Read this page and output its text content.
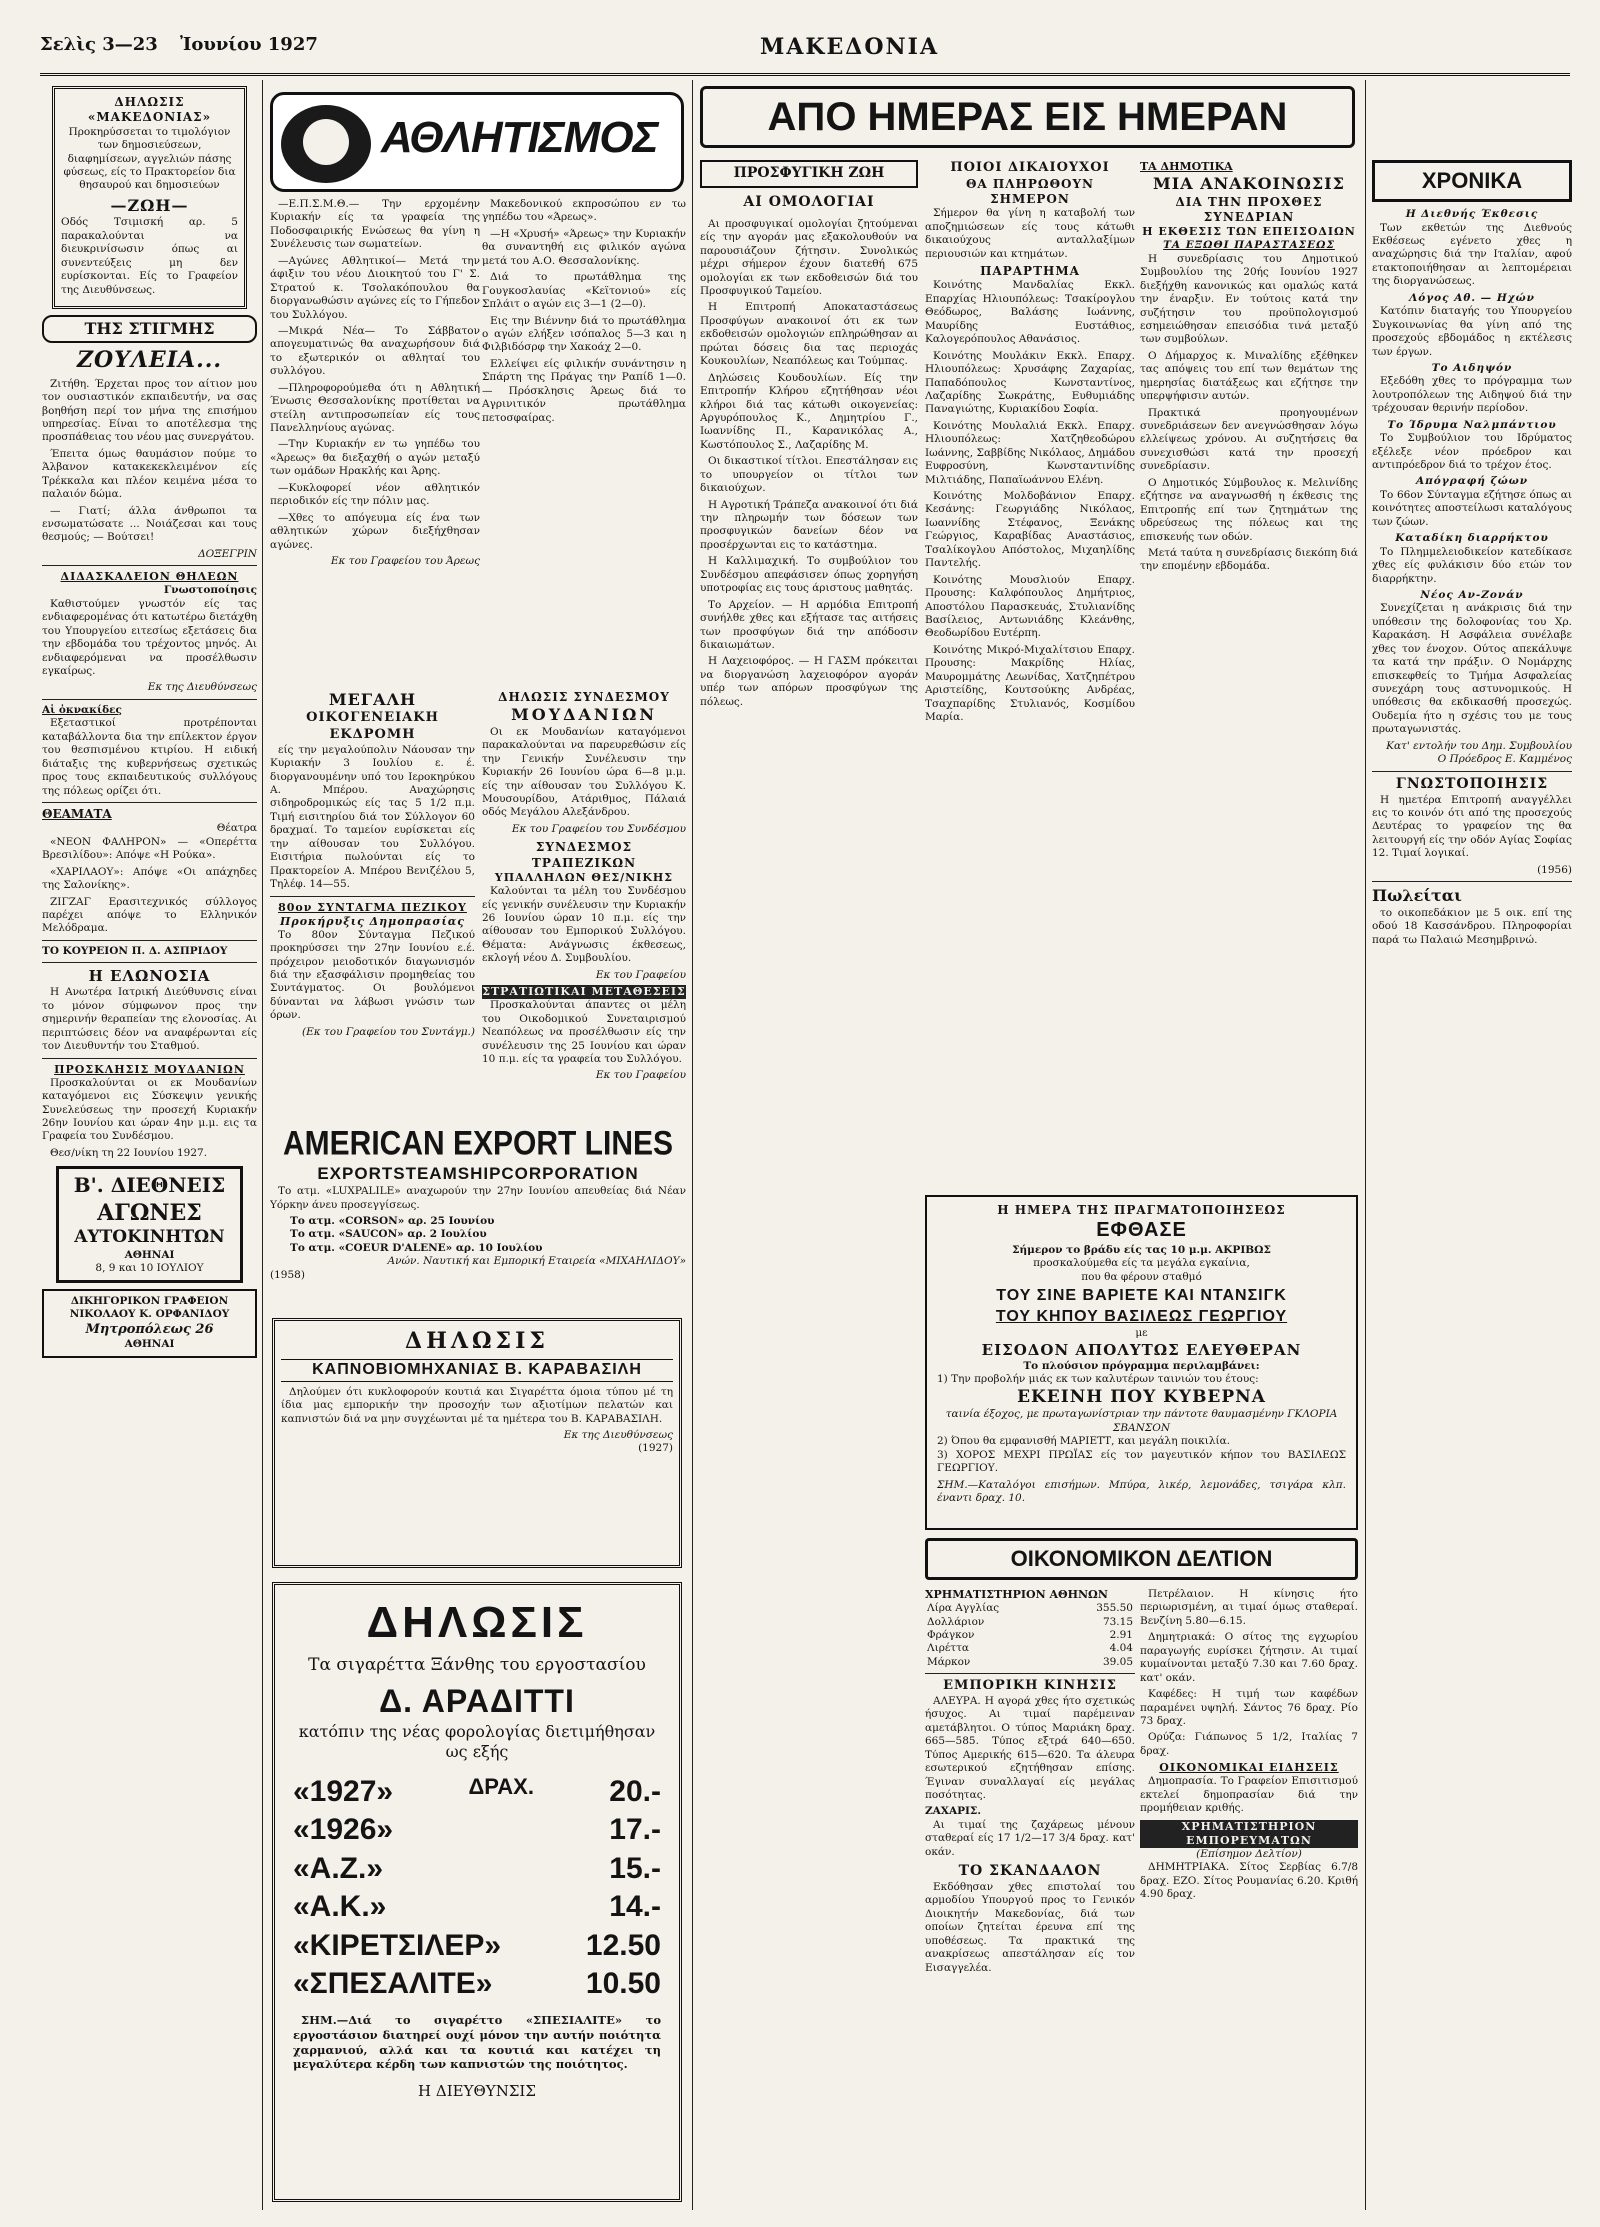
Σελὶς 3—23 Ἰουνίου 1927	ΜΑΚΕΔΟΝΙΑ
ΔΗΛΩΣΙΣ «ΜΑΚΕΔΟΝΙΑΣ»

Προκηρύσσεται το τιμολόγιον των δημοσιεύσεων, διαφημίσεων, αγγελιών πάσης φύσεως, είς το Πρακτορείον δια θησαυρού και δημοσιεύων

—ΖΩΗ—

Οδός Τσιμισκή αρ. 5 παρακαλούνται να διευκρινίσωσιν όπως αι συνεντεύξεις μη δεν ευρίσκονται. Είς το Γραφείον της Διευθύνσεως.

ΤΗΣ ΣΤΙΓΜΗΣ
ΖΟΥΛΕΙΑ...

Ζιτήθη. Έρχεται προς τον αίτιον μου τον ουσιαστικόν εκπαιδευτήν, να σας βοηθήση περί τον μήνα της επισήμου υπηρεσίας. Είναι το αποτέλεσμα της προσπάθειας του νέου μας συνεργάτου.

Έπειτα όμως θαυμάσιον πούμε το Άλβανον κατακεκεκλειμένον είς Τρέκκαλα και πλέον κειμένα μέσα το παλαιόν δώμα.

— Γιατί; άλλα άνθρωποι τα ενσωματώσατε ... Νοιάζεσαι και τους θεσμούς; — Βούτσει!

ΔΟΞΕΓΡΙΝ
ΔΙΔΑΣΚΑΛΕΙΟΝ ΘΗΛΕΩΝ
Γνωστοποίησις

Καθιστούμεν γνωστόν είς τας ενδιαφερομένας ότι κατωτέρω διετάχθη του Υπουργείου ειτεσίως εξετάσεις δια την εβδομάδα του τρέχοντος μηνός. Αι ενδιαφερόμεναι να προσέλθωσιν εγκαίρως.

Εκ της Διευθύνσεως
Αἱ ὀκνακίδες

Εξεταστικοί προτρέπονται καταβάλλοντα δια την επίλεκτον έργον του θεσπισμένου κτιρίου. Η ειδική διάταξις της κυβερνήσεως σχετικώς προς τους εκπαιδευτικούς συλλόγους της πόλεως ορίζει ότι.

ΘΕΑΜΑΤΑ
Θέατρα

«ΝΕΟΝ ΦΑΛΗΡΟΝ» — «Οπερέττα Βρεσιλίδου»: Απόψε «Η Ρούκα».

«ΧΑΡΙΛΑΟΥ»: Απόψε «Οι απάχηδες της Σαλονίκης».

ΖΙΓΖΑΓ Ερασιτεχνικός σύλλογος παρέχει απόψε το Ελληνικόν Μελόδραμα.

ΤΟ ΚΟΥΡΕΙΟΝ Π. Δ. ΑΣΠΡΙΔΟΥ
Η ΕΛΩΝΟΣΙΑ

Η Ανωτέρα Ιατρική Διεύθυνσις είναι το μόνον σύμφωνον προς την σημερινήν θεραπείαν της ελονοσίας. Αι περιπτώσεις δέον να αναφέρωνται είς τον Διευθυντήν του Σταθμού.

ΠΡΟΣΚΛΗΣΙΣ ΜΟΥΔΑΝΙΩΝ

Προσκαλούνται οι εκ Μουδανίων καταγόμενοι εις Σύσκεψιν γενικής Συνελεύσεως την προσεχή Κυριακήν 26ην Ιουνίου και ώραν 4ην μ.μ. εις τα Γραφεία του Συνδέσμου.

Θεσ/νίκη τη 22 Ιουνίου 1927.

Β'. ΔΙΕΘΝΕΙΣ
ΑΓΩΝΕΣ
ΑΥΤΟΚΙΝΗΤΩΝ
ΑΘΗΝΑΙ
8, 9 και 10 ΙΟΥΛΙΟΥ
ΔΙΚΗΓΟΡΙΚΟΝ ΓΡΑΦΕΙΟΝ
ΝΙΚΟΛΑΟΥ Κ. ΟΡΦΑΝΙΔΟΥ
Μητροπόλεως 26
ΑΘΗΝΑΙ
ΑΘΛΗΤΙΣΜΟΣ

—Ε.Π.Σ.Μ.Θ.— Την ερχομένην Κυριακήν είς τα γραφεία της Ποδοσφαιρικής Ενώσεως θα γίνη η Συνέλευσις των σωματείων.

—Αγώνες Αθλητικοί— Μετά την άφιξιν του νέου Διοικητού του Γ' Σ. Στρατού κ. Τσολακόπουλου θα διοργανωθώσιν αγώνες είς το Γήπεδον του Συλλόγου.

—Μικρά Νέα— Το Σάββατον απογευματινώς θα αναχωρήσουν διά το εξωτερικόν οι αθληταί του συλλόγου.

—Πληροφορούμεθα ότι η Αθλητική Ένωσις Θεσσαλονίκης προτίθεται να στείλη αντιπροσωπείαν είς τους Πανελληνίους αγώνας.

—Την Κυριακήν εν τω γηπέδω του «Άρεως» θα διεξαχθή ο αγών μεταξύ των ομάδων Ηρακλής και Άρης.

—Κυκλοφορεί νέον αθλητικόν περιοδικόν είς την πόλιν μας.

—Χθες το απόγευμα είς ένα των αθλητικών χώρων διεξήχθησαν αγώνες.

Εκ του Γραφείου του Άρεως

Μακεδονικού εκπροσώπου εν τω γηπέδω του «Άρεως».

—Η «Χρυσή» «Άρεως» την Κυριακήν θα συναντηθή εις φιλικόν αγώνα μετά του Α.Ο. Θεσσαλονίκης.

Διά το πρωτάθλημα της Γουγκοσλαυίας «Κεϊτονιού» είς Σπλάιτ ο αγών εις 3—1 (2—0).

Εις την Βιέννην διά το πρωτάθλημα ο αγών ελήξεν ισόπαλος 5—3 και η Φιλβιδόσρφ την Χακοάχ 2—0.

Ελλείψει είς φιλικήν συνάντησιν η Σπάρτη της Πράγας την Ραπίδ 1—0. — Πρόσκλησις Άρεως διά το Αγρινιτικόν πρωτάθλημα πετοσφαίρας.

ΜΕΓΑΛΗ
ΟΙΚΟΓΕΝΕΙΑΚΗ ΕΚΔΡΟΜΗ

είς την μεγαλούπολιν Νάουσαν την Κυριακήν 3 Ιουλίου ε. έ. διοργανουμένην υπό του Ιεροκηρύκου Α. Μπέρου. Αναχώρησις σιδηροδρομικώς είς τας 5 1/2 π.μ. Τιμή εισιτηρίου διά τον Σύλλογον 60 δραχμαί. Το ταμείον ευρίσκεται είς την αίθουσαν του Συλλόγου. Εισιτήρια πωλούνται είς το Πρακτορείον Α. Μπέρου Βενιζέλου 5, Τηλέφ. 14—55.

80ον ΣΥΝΤΑΓΜΑ ΠΕΖΙΚΟΥ
Προκήρυξις Δημοπρασίας

Το 80ον Σύνταγμα Πεζικού προκηρύσσει την 27ην Ιουνίου ε.έ. πρόχειρον μειοδοτικόν διαγωνισμόν διά την εξασφάλισιν προμηθείας του Συντάγματος. Οι βουλόμενοι δύνανται να λάβωσι γνώσιν των όρων.

(Εκ του Γραφείου του Συντάγμ.)
ΔΗΛΩΣΙΣ ΣΥΝΔΕΣΜΟΥ
ΜΟΥΔΑΝΙΩΝ

Οι εκ Μουδανίων καταγόμενοι παρακαλούνται να παρευρεθώσιν είς την Γενικήν Συνέλευσιν την Κυριακήν 26 Ιουνίου ώρα 6—8 μ.μ. είς την αίθουσαν του Συλλόγου Κ. Μουσουρίδου, Ατάριθμος, Πάλαιά οδός Μεγάλου Αλεξάνδρου.

Εκ του Γραφείου του Συνδέσμου
ΣΥΝΔΕΣΜΟΣ ΤΡΑΠΕΖΙΚΩΝ
ΥΠΑΛΛΗΛΩΝ ΘΕΣ/ΝΙΚΗΣ

Καλούνται τα μέλη του Συνδέσμου είς γενικήν συνέλευσιν την Κυριακήν 26 Ιουνίου ώραν 10 π.μ. είς την αίθουσαν του Εμπορικού Συλλόγου. Θέματα: Ανάγνωσις έκθεσεως, εκλογή νέου Δ. Συμβουλίου.

Εκ του Γραφείου
ΣΤΡΑΤΙΩΤΙΚΑΙ ΜΕΤΑΘΕΣΕΙΣ

Προσκαλούνται άπαντες οι μέλη του Οικοδομικού Συνεταιρισμού Νεαπόλεως να προσέλθωσιν είς την συνέλευσιν της 25 Ιουνίου και ώραν 10 π.μ. είς τα γραφεία του Συλλόγου.

Εκ του Γραφείου
AMERICAN EXPORT LINES
EXPORTSTEAMSHIPCORPORATION

Το ατμ. «LUXPALILE» αναχωρούν την 27ην Ιουνίου απευθείας διά Νέαν Υόρκην άνευ προσεγγίσεως.

Το ατμ. «CORSON» αρ. 25 Ιουνίου
Το ατμ. «SAUCON» αρ. 2 Ιουλίου
Το ατμ. «COEUR D'ALENE» αρ. 10 Ιουλίου
Ανών. Ναυτική και Εμπορική Εταιρεία «ΜΙΧΑΗΛΙΔΟΥ»
(1958)
ΔΗΛΩΣΙΣ
ΚΑΠΝΟΒΙΟΜΗΧΑΝΙΑΣ Β. ΚΑΡΑΒΑΣΙΛΗ

Δηλούμεν ότι κυκλοφορούν κουτιά και Σιγαρέττα όμοια τύπου μέ τη ίδια μας εμπορικήν την προσοχήν των αξιοτίμων πελατών και καπνιστών διά να μην συγχέωνται μέ τα ημέτερα του Β. ΚΑΡΑΒΑΣΙΛΗ.

Εκ της Διευθύνσεως
(1927)
ΔΗΛΩΣΙΣ
Τα σιγαρέττα Ξάνθης του εργοστασίου
Δ. ΑΡΑΔΙΤΤΙ
κατόπιν της νέας φορολογίας διετιμήθησαν ως εξής
«1927»	ΔΡΑΧ.	20.-
«1926»	17.-
«Α.Ζ.»	15.-
«Α.Κ.»	14.-
«ΚΙΡΕΤΣΙΛΕΡ»	12.50
«ΣΠΕΣΑΛΙΤΕ»	10.50

ΣΗΜ.—Διά το σιγαρέττο «ΣΠΕΣΙΑΛΙΤΕ» το εργοστάσιον διατηρεί ουχί μόνον την αυτήν ποιότητα χαρμανιού, αλλά και τα κουτιά και κατέχει τη μεγαλύτερα κέρδη των καπνιστών της ποιότητος.

Η ΔΙΕΥΘΥΝΣΙΣ
ΑΠΟ ΗΜΕΡΑΣ ΕΙΣ ΗΜΕΡΑΝ
ΠΡΟΣΦΥΓΙΚΗ ΖΩΗ
ΑΙ ΟΜΟΛΟΓΙΑΙ

Αι προσφυγικαί ομολογίαι ζητούμεναι είς την αγοράν μας εξακολουθούν να παρουσιάζουν ζήτησιν. Συνολικώς μέχρι σήμερον έχουν διατεθή 675 ομολογίαι εκ των εκδοθεισών διά του Προσφυγικού Ταμείου.

Η Επιτροπή Αποκαταστάσεως Προσφύγων ανακοινοί ότι εκ των εκδοθεισών ομολογιών επληρώθησαν αι πρώται δόσεις δια τας περιοχάς Κουκουλίων, Νεαπόλεως και Τούμπας.

Δηλώσεις Κουδουλίων. Είς την Επιτροπήν Κλήρου εζητήθησαν νέοι κλήροι διά τας κάτωθι οικογενείας: Αργυρόπουλος Κ., Δημητρίου Γ., Ιωαννίδης Π., Καρανικόλας Α., Κωστόπουλος Σ., Λαζαρίδης Μ.

Οι δικαστικοί τίτλοι. Επεστάλησαν εις το υπουργείον οι τίτλοι των δικαιούχων.

Η Αγροτική Τράπεζα ανακοινοί ότι διά την πληρωμήν των δόσεων των προσφυγικών δανείων δέον να προσέρχωνται εις το κατάστημα.

Η Καλλιμαχική. Το συμβούλιον του Συνδέσμου απεφάσισεν όπως χορηγήση υποτροφίας εις τους άριστους μαθητάς.

Το Αρχείον. — Η αρμόδια Επιτροπή συνήλθε χθες και εξήτασε τας αιτήσεις των προσφύγων διά την απόδοσιν δικαιωμάτων.

Η Λαχειοφόρος. — Η ΓΑΣΜ πρόκειται να διοργανώση λαχειοφόρον αγοράν υπέρ των απόρων προσφύγων της πόλεως.

ΠΟΙΟΙ ΔΙΚΑΙΟΥΧΟΙ
ΘΑ ΠΛΗΡΩΘΟΥΝ ΣΗΜΕΡΟΝ

Σήμερον θα γίνη η καταβολή των αποζημιώσεων είς τους κάτωθι δικαιούχους ανταλλαξίμων περιουσιών και κτημάτων.

ΠΑΡΑΡΤΗΜΑ

Κοινότης Μανδαλίας Εκκλ. Επαρχίας Ηλιουπόλεως: Τσακίρογλου Θεόδωρος, Βαλάσης Ιωάννης, Μαυρίδης Ευστάθιος, Καλογερόπουλος Αθανάσιος.

Κοινότης Μουλάκιν Εκκλ. Επαρχ. Ηλιουπόλεως: Χρυσάφης Ζαχαρίας, Παπαδόπουλος Κωνσταντίνος, Λαζαρίδης Σωκράτης, Ευθυμιάδης Παναγιώτης, Κυριακίδου Σοφία.

Κοινότης Μουλαλιά Εκκλ. Επαρχ. Ηλιουπόλεως: Χατζηθεοδώρου Ιωάννης, Σαββίδης Νικόλαος, Δημάδου Ευφροσύνη, Κωνσταντινίδης Μιλτιάδης, Παπαϊωάννου Ελένη.

Κοινότης Μολδοβάνιον Επαρχ. Κεσάνης: Γεωργιάδης Νικόλαος, Ιωαννίδης Στέφανος, Ξενάκης Γεώργιος, Καραβίδας Αναστάσιος, Τσαλίκογλου Απόστολος, Μιχαηλίδης Παντελής.

Κοινότης Μουσλιούν Επαρχ. Προυσης: Καλφόπουλος Δημήτριος, Αποστόλου Παρασκευάς, Στυλιανίδης Βασίλειος, Αντωνιάδης Κλεάνθης, Θεοδωρίδου Ευτέρπη.

Κοινότης Μικρό-Μιχαλίτσιου Επαρχ. Προυσης: Μακρίδης Ηλίας, Μαυρομμάτης Λεωνίδας, Χατζηπέτρου Αριστείδης, Κουτσούκης Ανδρέας, Τσαχπαρίδης Στυλιανός, Κοσμίδου Μαρία.

ΤΑ ΔΗΜΟΤΙΚΑ
ΜΙΑ ΑΝΑΚΟΙΝΩΣΙΣ
ΔΙΑ ΤΗΝ ΠΡΟΧΘΕΣ ΣΥΝΕΔΡΙΑΝ
Η ΕΚΘΕΣΙΣ ΤΩΝ ΕΠΕΙΣΟΔΙΩΝ
ΤΑ ΕΞΩΘΙ ΠΑΡΑΣΤΑΣΕΩΣ

Η συνεδρίασις του Δημοτικού Συμβουλίου της 20ής Ιουνίου 1927 διεξήχθη κανονικώς και ομαλώς κατά την έναρξιν. Εν τούτοις κατά την συζήτησιν του προϋπολογισμού εσημειώθησαν επεισόδια τινά μεταξύ των συμβούλων.

Ο Δήμαρχος κ. Μιναλίδης εξέθηκεν τας απόψεις του επί των θεμάτων της ημερησίας διατάξεως και εζήτησε την υπερψήφισιν αυτών.

Πρακτικά προηγουμένων συνεδριάσεων δεν ανεγνώσθησαν λόγω ελλείψεως χρόνου. Αι συζητήσεις θα συνεχισθώσι κατά την προσεχή συνεδρίασιν.

Ο Δημοτικός Σύμβουλος κ. Μελινίδης εζήτησε να αναγνωσθή η έκθεσις της Επιτροπής επί των ζητημάτων της υδρεύσεως της πόλεως και της επισκευής των οδών.

Μετά ταύτα η συνεδρίασις διεκόπη διά την επομένην εβδομάδα.

Η ΗΜΕΡΑ ΤΗΣ ΠΡΑΓΜΑΤΟΠΟΙΗΣΕΩΣ
ΕΦΘΑΣΕ
Σήμερον το βράδυ είς τας 10 μ.μ. ΑΚΡΙΒΩΣ
προσκαλούμεθα είς τα μεγάλα εγκαίνια,
που θα φέρουν σταθμό
ΤΟΥ ΣΙΝΕ ΒΑΡΙΕΤΕ ΚΑΙ ΝΤΑΝΣΙΓΚ
ΤΟΥ ΚΗΠΟΥ ΒΑΣΙΛΕΩΣ ΓΕΩΡΓΙΟΥ
με
ΕΙΣΟΔΟΝ ΑΠΟΛΥΤΩΣ ΕΛΕΥΘΕΡΑΝ
Το πλούσιον πρόγραμμα περιλαμβάνει:
1) Την προβολήν μιάς εκ των καλυτέρων ταινιών του έτους:
ΕΚΕΙΝΗ ΠΟΥ ΚΥΒΕΡΝΑ
ταινία έξοχος, με πρωταγωνίστριαν την πάντοτε θαυμασμένην ΓΚΛΟΡΙΑ ΣΒΑΝΣΟΝ
2) Όπου θα εμφανισθή ΜΑΡΙΕΤΤ, και μεγάλη ποικιλία.
3) ΧΟΡΟΣ ΜΕΧΡΙ ΠΡΩΪΑΣ είς τον μαγευτικόν κήπον του ΒΑΣΙΛΕΩΣ ΓΕΩΡΓΙΟΥ.
ΣΗΜ.—Καταλόγοι επισήμων. Μπύρα, λικέρ, λεμονάδες, τσιγάρα κλπ. έναντι δραχ. 10.
ΟΙΚΟΝΟΜΙΚΟΝ ΔΕΛΤΙΟΝ
ΧΡΗΜΑΤΙΣΤΗΡΙΟΝ ΑΘΗΝΩΝ
Λίρα Αγγλίας	355.50
Δολλάριον	73.15
Φράγκον	2.91
Λιρέττα	4.04
Μάρκον	39.05
ΕΜΠΟΡΙΚΗ ΚΙΝΗΣΙΣ

ΑΛΕΥΡΑ. Η αγορά χθες ήτο σχετικώς ήσυχος. Αι τιμαί παρέμειναν αμετάβλητοι. Ο τύπος Μαριάκη δραχ. 665—585. Τύπος εξτρά 640—650. Τύπος Αμερικής 615—620. Τα άλευρα εσωτερικού εζητήθησαν επίσης. Έγιναν συναλλαγαί είς μεγάλας ποσότητας.

ΖΑΧΑΡΙΣ.

Αι τιμαί της ζαχάρεως μένουν σταθεραί είς 17 1/2—17 3/4 δραχ. κατ' οκάν.

ΤΟ ΣΚΑΝΔΑΛΟΝ

Εκδόθησαν χθες επιστολαί του αρμοδίου Υπουργού προς το Γενικόν Διοικητήν Μακεδονίας, διά των οποίων ζητείται έρευνα επί της υποθέσεως. Τα πρακτικά της ανακρίσεως απεστάλησαν είς τον Εισαγγελέα.

Πετρέλαιον. Η κίνησις ήτο περιωρισμένη, αι τιμαί όμως σταθεραί. Βενζίνη 5.80—6.15.

Δημητριακά: Ο σίτος της εγχωρίου παραγωγής ευρίσκει ζήτησιν. Αι τιμαί κυμαίνονται μεταξύ 7.30 και 7.60 δραχ. κατ' οκάν.

Καφέδες: Η τιμή των καφέδων παραμένει υψηλή. Σάντος 76 δραχ. Ρίο 73 δραχ.

Ορύζα: Γιάπωνος 5 1/2, Ιταλίας 7 δραχ.

ΟΙΚΟΝΟΜΙΚΑΙ ΕΙΔΗΣΕΙΣ

Δημοπρασία. Το Γραφείον Επισιτισμού εκτελεί δημοπρασίαν διά την προμήθειαν κριθής.

ΧΡΗΜΑΤΙΣΤΗΡΙΟΝ ΕΜΠΟΡΕΥΜΑΤΩΝ
(Επίσημον Δελτίον)

ΔΗΜΗΤΡΙΑΚΑ. Σίτος Σερβίας 6.7/8 δραχ. ΕΖΟ. Σίτος Ρουμανίας 6.20. Κριθή 4.90 δραχ.

ΧΡΟΝΙΚΑ
Η Διεθνής Έκθεσις

Των εκθετών της Διεθνούς Εκθέσεως εγένετο χθες η αναχώρησις διά την Ιταλίαν, αφού ετακτοποιήθησαν αι λεπτομέρειαι της διοργανώσεως.

Λόγος Αθ. — Ηχών

Κατόπιν διαταγής του Υπουργείου Συγκοινωνίας θα γίνη από της προσεχούς εβδομάδος η εκτέλεσις των έργων.

Το Αιδηψόν

Εξεδόθη χθες το πρόγραμμα των λουτροπόλεων της Αιδηψού διά την τρέχουσαν θερινήν περίοδον.

Το Ίδρυμα Ναλμπάντιου

Το Συμβούλιον του Ιδρύματος εξέλεξε νέον πρόεδρον και αντιπρόεδρον διά το τρέχον έτος.

Απόγραφή ζώων

Το 66ον Σύνταγμα εζήτησε όπως αι κοινότητες αποστείλωσι καταλόγους των ζώων.

Καταδίκη διαρρήκτου

Το Πλημμελειοδικείον κατεδίκασε χθες είς φυλάκισιν δύο ετών τον διαρρήκτην.

Νέος Αν-Ζονάν

Συνεχίζεται η ανάκρισις διά την υπόθεσιν της δολοφονίας του Χρ. Καρακάση. Η Ασφάλεια συνέλαβε χθες τον ένοχον. Ούτος απεκάλυψε τα κατά την πράξιν. Ο Νομάρχης επισκεφθείς το Τμήμα Ασφαλείας συνεχάρη τους αστυνομικούς. Η υπόθεσις θα εκδικασθή προσεχώς. Ουδεμία ήτο η σχέσις του με τους πρωταγωνιστάς.

Κατ' εντολήν του Δημ. Συμβουλίου
Ο Πρόεδρος Ε. Καμμένος
ΓΝΩΣΤΟΠΟΙΗΣΙΣ

Η ημετέρα Επιτροπή αναγγέλλει εις το κοινόν ότι από της προσεχούς Δευτέρας το γραφείον της θα λειτουργή είς την οδόν Αγίας Σοφίας 12. Τιμαί λογικαί.

(1956)
Πωλείται

το οικοπεδάκιον με 5 οικ. επί της οδού 18 Κασσάνδρου. Πληροφορίαι παρά τω Παλαιώ Μεσημβρινώ.
